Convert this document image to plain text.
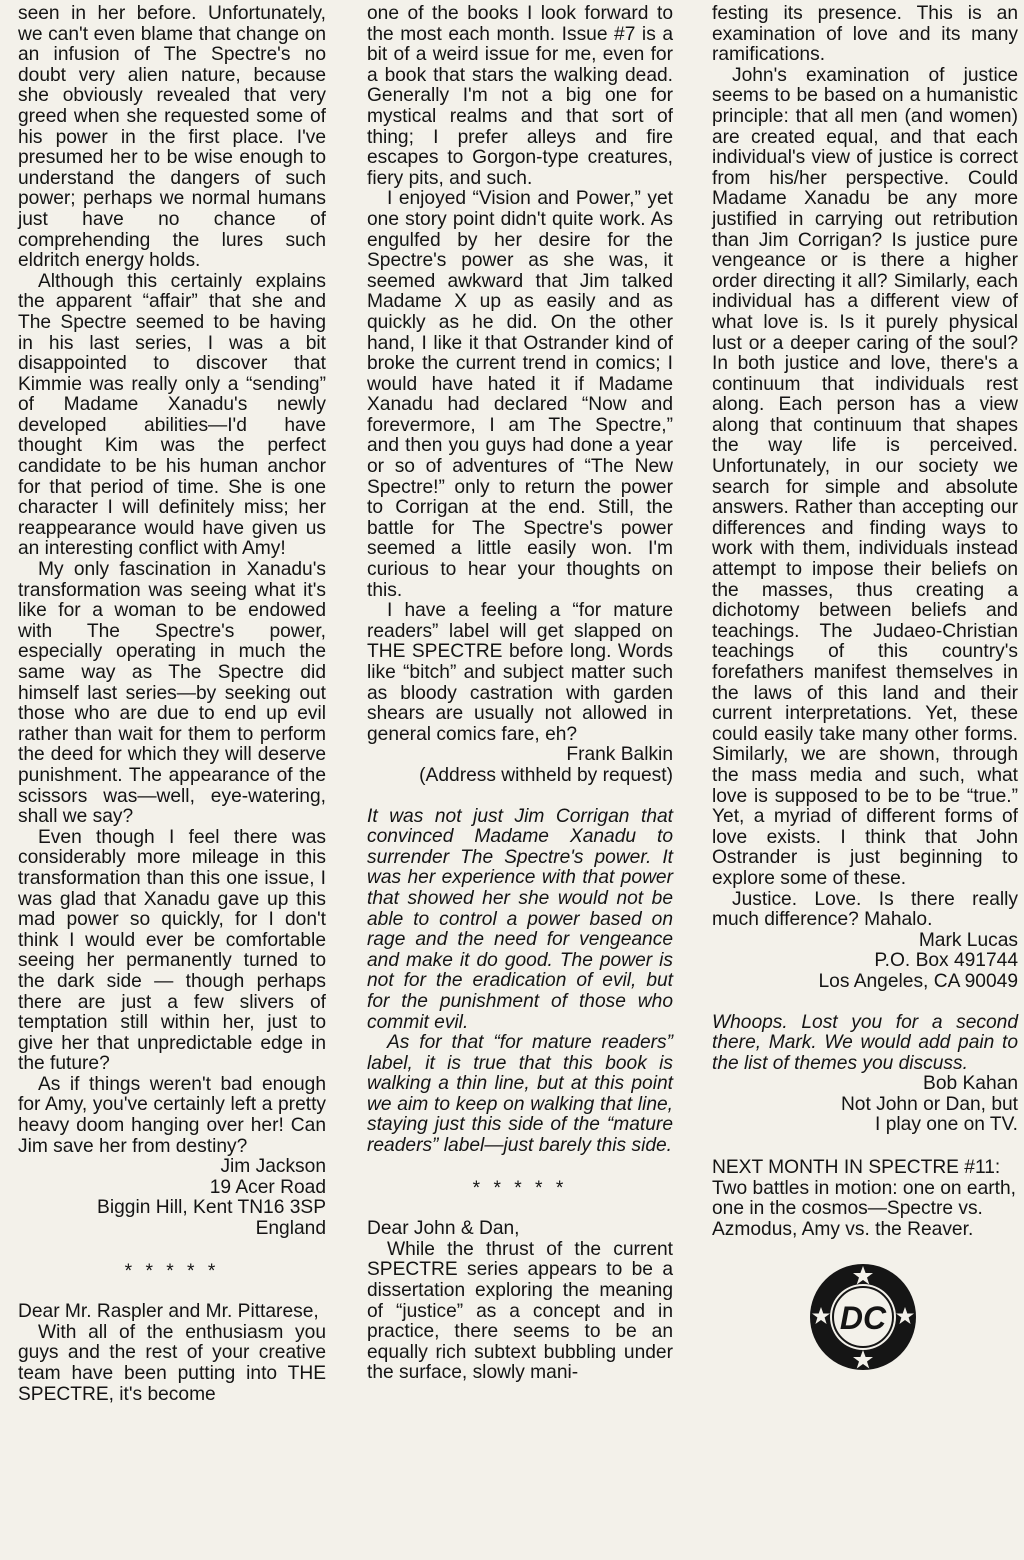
seen in her before. Unfortunately, we can't even blame that change on an infusion of The Spectre's no doubt very alien nature, because she obviously revealed that very greed when she requested some of his power in the first place. I've presumed her to be wise enough to understand the dangers of such power; perhaps we normal humans just have no chance of comprehending the lures such eldritch energy holds.

Although this certainly explains the apparent “affair” that she and The Spectre seemed to be having in his last series, I was a bit disappointed to discover that Kimmie was really only a “sending” of Madame Xanadu's newly developed abilities—I'd have thought Kim was the perfect candidate to be his human anchor for that period of time. She is one character I will definitely miss; her reappearance would have given us an interesting conflict with Amy!

My only fascination in Xanadu's transformation was seeing what it's like for a woman to be endowed with The Spectre's power, especially operating in much the same way as The Spectre did himself last series—by seeking out those who are due to end up evil rather than wait for them to perform the deed for which they will deserve punishment. The appearance of the scissors was—well, eye-watering, shall we say?

Even though I feel there was considerably more mileage in this transformation than this one issue, I was glad that Xanadu gave up this mad power so quickly, for I don't think I would ever be comfortable seeing her permanently turned to the dark side — though perhaps there are just a few slivers of temptation still within her, just to give her that unpredictable edge in the future?

As if things weren't bad enough for Amy, you've certainly left a pretty heavy doom hanging over her! Can Jim save her from destiny?

Jim Jackson
19 Acer Road
Biggin Hill, Kent TN16 3SP
England
* * * * *

Dear Mr. Raspler and Mr. Pittarese,

With all of the enthusiasm you guys and the rest of your creative team have been putting into THE SPECTRE, it's become

one of the books I look forward to the most each month. Issue #7 is a bit of a weird issue for me, even for a book that stars the walking dead. Generally I'm not a big one for mystical realms and that sort of thing; I prefer alleys and fire escapes to Gorgon-type creatures, fiery pits, and such.

I enjoyed “Vision and Power,” yet one story point didn't quite work. As engulfed by her desire for the Spectre's power as she was, it seemed awkward that Jim talked Madame X up as easily and as quickly as he did. On the other hand, I like it that Ostrander kind of broke the current trend in comics; I would have hated it if Madame Xanadu had declared “Now and forevermore, I am The Spectre,” and then you guys had done a year or so of adventures of “The New Spectre!” only to return the power to Corrigan at the end. Still, the battle for The Spectre's power seemed a little easily won. I'm curious to hear your thoughts on this.

I have a feeling a “for mature readers” label will get slapped on THE SPECTRE before long. Words like “bitch” and subject matter such as bloody castration with garden shears are usually not allowed in general comics fare, eh?

Frank Balkin
(Address withheld by request)

It was not just Jim Corrigan that convinced Madame Xanadu to surrender The Spectre's power. It was her experience with that power that showed her she would not be able to control a power based on rage and the need for vengeance and make it do good. The power is not for the eradication of evil, but for the punishment of those who commit evil.

As for that “for mature readers” label, it is true that this book is walking a thin line, but at this point we aim to keep on walking that line, staying just this side of the “mature readers” label—just barely this side.

* * * * *

Dear John & Dan,

While the thrust of the current SPECTRE series appears to be a dissertation exploring the meaning of “justice” as a concept and in practice, there seems to be an equally rich subtext bubbling under the surface, slowly mani-

festing its presence. This is an examination of love and its many ramifications.

John's examination of justice seems to be based on a humanistic principle: that all men (and women) are created equal, and that each individual's view of justice is correct from his/her perspective. Could Madame Xanadu be any more justified in carrying out retribution than Jim Corrigan? Is justice pure vengeance or is there a higher order directing it all? Similarly, each individual has a different view of what love is. Is it purely physical lust or a deeper caring of the soul? In both justice and love, there's a continuum that individuals rest along. Each person has a view along that continuum that shapes the way life is perceived. Unfortunately, in our society we search for simple and absolute answers. Rather than accepting our differences and finding ways to work with them, individuals instead attempt to impose their beliefs on the masses, thus creating a dichotomy between beliefs and teachings. The Judaeo-Christian teachings of this country's forefathers manifest themselves in the laws of this land and their current interpretations. Yet, these could easily take many other forms. Similarly, we are shown, through the mass media and such, what love is supposed to be to be “true.” Yet, a myriad of different forms of love exists. I think that John Ostrander is just beginning to explore some of these.

Justice. Love. Is there really much difference? Mahalo.

Mark Lucas
P.O. Box 491744
Los Angeles, CA 90049

Whoops. Lost you for a second there, Mark. We would add pain to the list of themes you discuss.

Bob Kahan
Not John or Dan, but
I play one on TV.
NEXT MONTH IN SPECTRE #11: Two battles in motion: one on earth, one in the cosmos—Spectre vs. Azmodus, Amy vs. the Reaver.
DC
